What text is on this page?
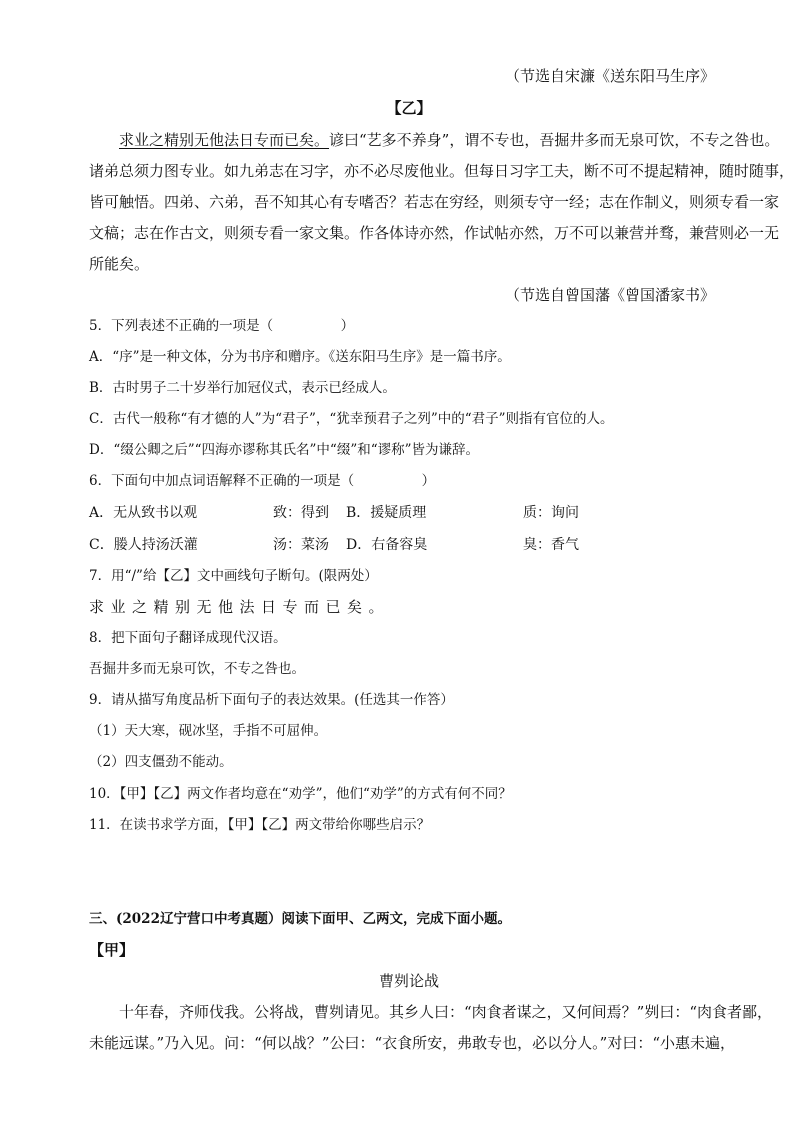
（节选自宋濂《送东阳马生序》
【乙】
求业之精别无他法日专而已矣。谚曰“艺多不养身”，谓不专也，吾掘井多而无泉可饮，不专之咎也。
诸弟总须力图专业。如九弟志在习字，亦不必尽废他业。但每日习字工夫，断不可不提起精神，随时随事，
皆可触悟。四弟、六弟，吾不知其心有专嗜否？若志在穷经，则须专守一经；志在作制义，则须专看一家
文稿；志在作古文，则须专看一家文集。作各体诗亦然，作试帖亦然，万不可以兼营并骛，兼营则必一无
所能矣。
（节选自曾国藩《曾国潘家书》
5．下列表述不正确的一项是（　　　　　）
A．“序”是一种文体，分为书序和赠序。《送东阳马生序》是一篇书序。
B．古时男子二十岁举行加冠仪式，表示已经成人。
C．古代一般称“有才德的人”为“君子”，“犹幸预君子之列”中的“君子”则指有官位的人。
D．“缀公卿之后”“四海亦谬称其氏名”中“缀”和“谬称”皆为谦辞。
6．下面句中加点词语解释不正确的一项是（　　　　　）
A．无从致书以观	致：得到 B．援疑质理	质：询问
C．媵人持汤沃灌	汤：菜汤 D．右备容臭	臭：香气
7．用“/”给【乙】文中画线句子断句。(限两处）
求业之精别无他法日专而已矣。
8．把下面句子翻译成现代汉语。
吾掘井多而无泉可饮，不专之咎也。
9．请从描写角度品析下面句子的表达效果。(任选其一作答）
（1）天大寒，砚冰坚，手指不可屈伸。
（2）四支僵劲不能动。
10．【甲】【乙】两文作者均意在“劝学”，他们“劝学”的方式有何不同？
11．在读书求学方面，【甲】【乙】两文带给你哪些启示？
三、(2022辽宁营口中考真题）阅读下面甲、乙两文，完成下面小题。
【甲】
曹刿论战
十年春，齐师伐我。公将战，曹刿请见。其乡人曰：“肉食者谋之，又何间焉？”刿曰：“肉食者鄙，
未能远谋。”乃入见。问：“何以战？”公曰：“衣食所安，弗敢专也，必以分人。”对曰：“小惠未遍，
